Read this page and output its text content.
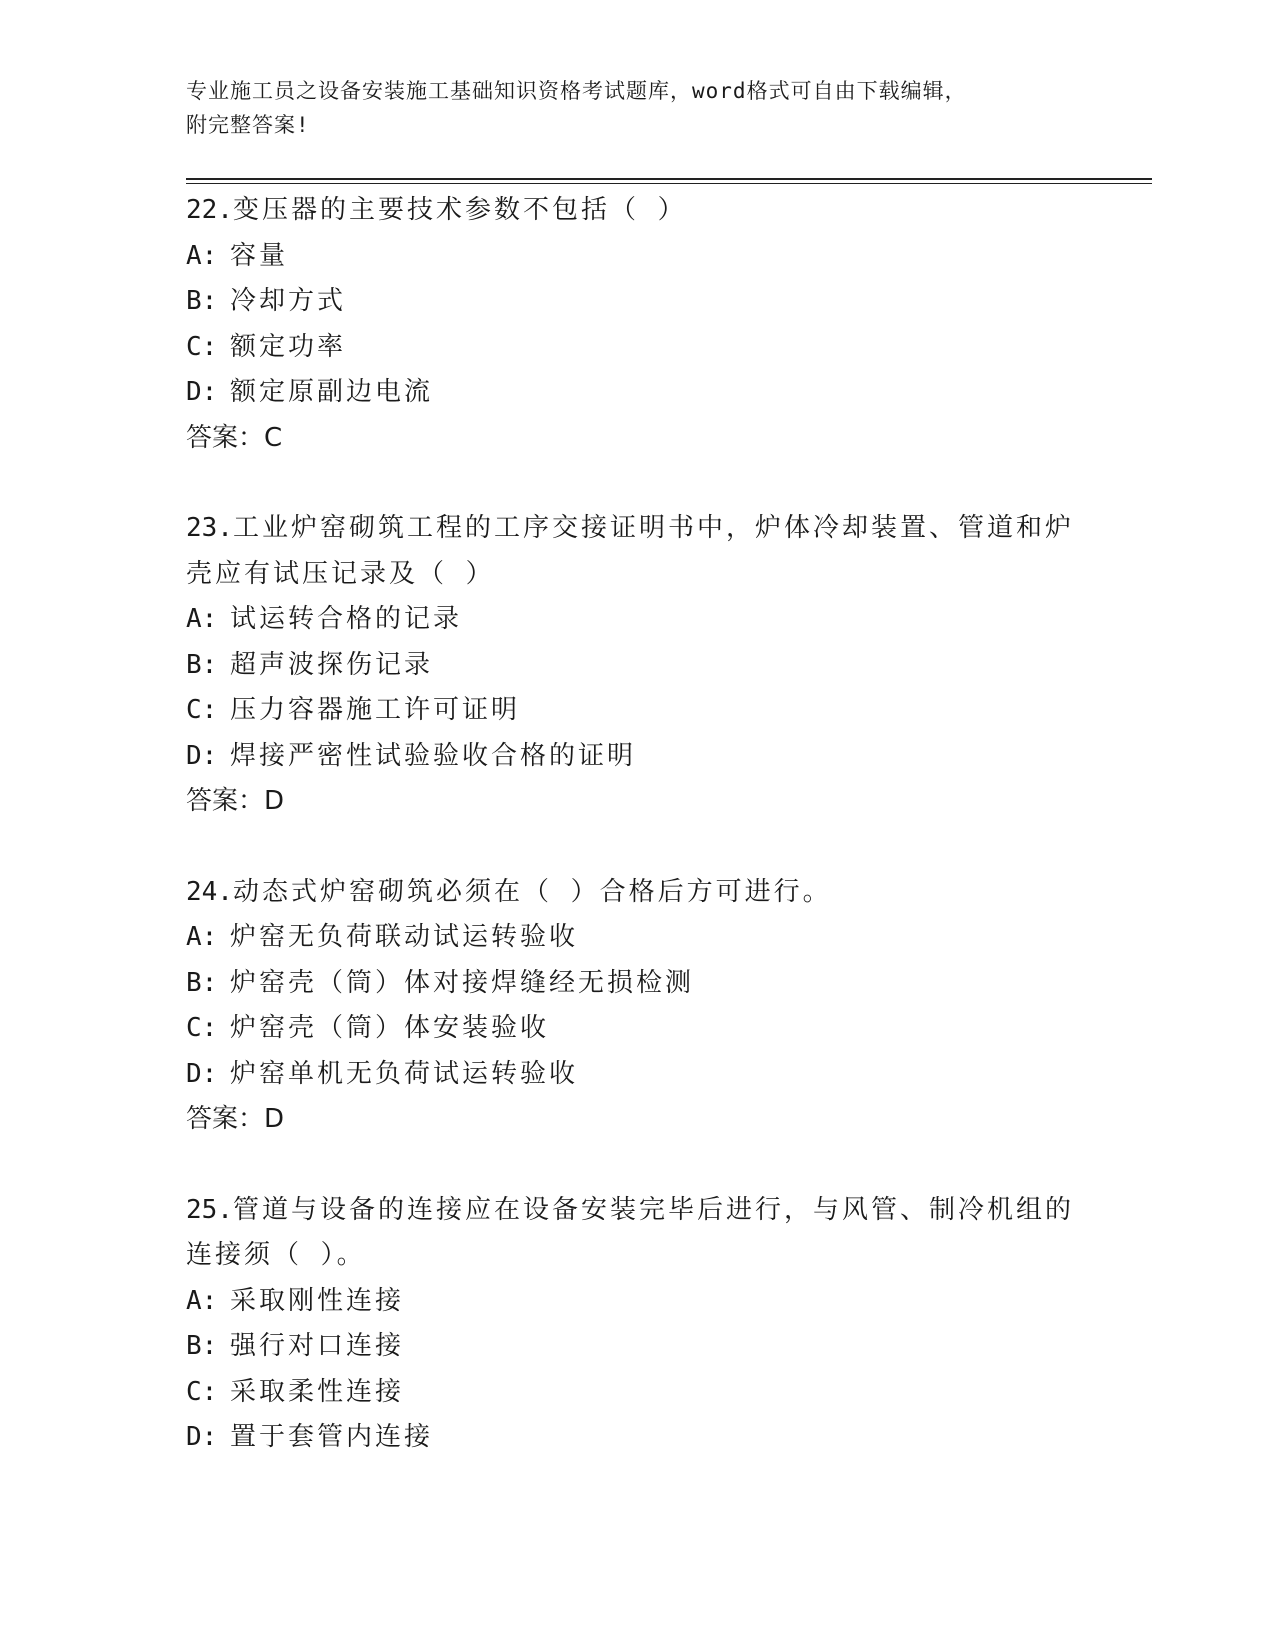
专业施工员之设备安装施工基础知识资格考试题库，word格式可自由下载编辑，
附完整答案!

22.变压器的主要技术参数不包括（ ）

A: 容量

B: 冷却方式

C: 额定功率

D: 额定原副边电流

答案：C

23.工业炉窑砌筑工程的工序交接证明书中，炉体冷却装置、管道和炉

壳应有试压记录及（ ）

A: 试运转合格的记录

B: 超声波探伤记录

C: 压力容器施工许可证明

D: 焊接严密性试验验收合格的证明

答案：D

24.动态式炉窑砌筑必须在（ ）合格后方可进行。

A: 炉窑无负荷联动试运转验收

B: 炉窑壳（筒）体对接焊缝经无损检测

C: 炉窑壳（筒）体安装验收

D: 炉窑单机无负荷试运转验收

答案：D

25.管道与设备的连接应在设备安装完毕后进行，与风管、制冷机组的

连接须（ ）。

A: 采取刚性连接

B: 强行对口连接

C: 采取柔性连接

D: 置于套管内连接
